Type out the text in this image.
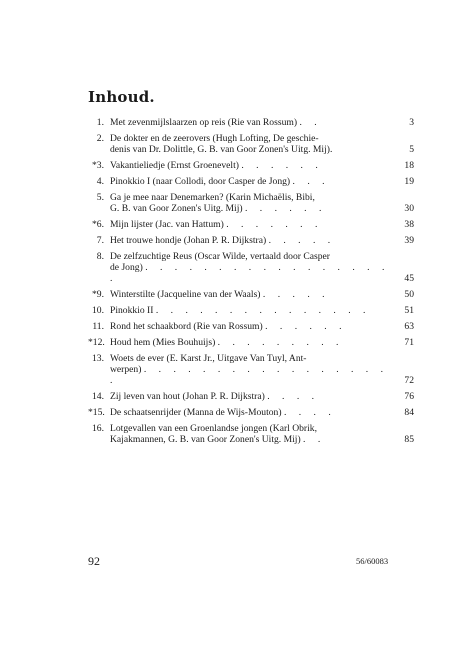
Inhoud.
1. Met zevenmijlslaarzen op reis (Rie van Rossum) . .	3
2. De dokter en de zeerovers (Hugh Lofting, De geschie-
denis van Dr. Dolittle, G. B. van Goor Zonen's Uitg. Mij).	5
*3. Vakantieliedje (Ernst Groenevelt) . . . . . .	18
4. Pinokkio I (naar Collodi, door Casper de Jong) . . .	19
5. Ga je mee naar Denemarken? (Karin Michaëlis, Bibi,
G. B. van Goor Zonen's Uitg. Mij) . . . . . .	30
*6. Mijn lijster (Jac. van Hattum) . . . . . . .	38
7. Het trouwe hondje (Johan P. R. Dijkstra) . . . . .	39
8. De zelfzuchtige Reus (Oscar Wilde, vertaald door Casper
de Jong) . . . . . . . . . . . . . . . . . .	45
*9. Winterstilte (Jacqueline van der Waals) . . . . .	50
10. Pinokkio II . . . . . . . . . . . . . . .	51
11. Rond het schaakbord (Rie van Rossum) . . . . . .	63
*12. Houd hem (Mies Bouhuijs) . . . . . . . . .	71
13. Woets de ever (E. Karst Jr., Uitgave Van Tuyl, Ant-
werpen) . . . . . . . . . . . . . . . . . .	72
14. Zij leven van hout (Johan P. R. Dijkstra) . . . .	76
*15. De schaatsenrijder (Manna de Wijs-Mouton) . . . .	84
16. Lotgevallen van een Groenlandse jongen (Karl Obrik,
Kajakmannen, G. B. van Goor Zonen's Uitg. Mij) . .	85
92	56/60083
